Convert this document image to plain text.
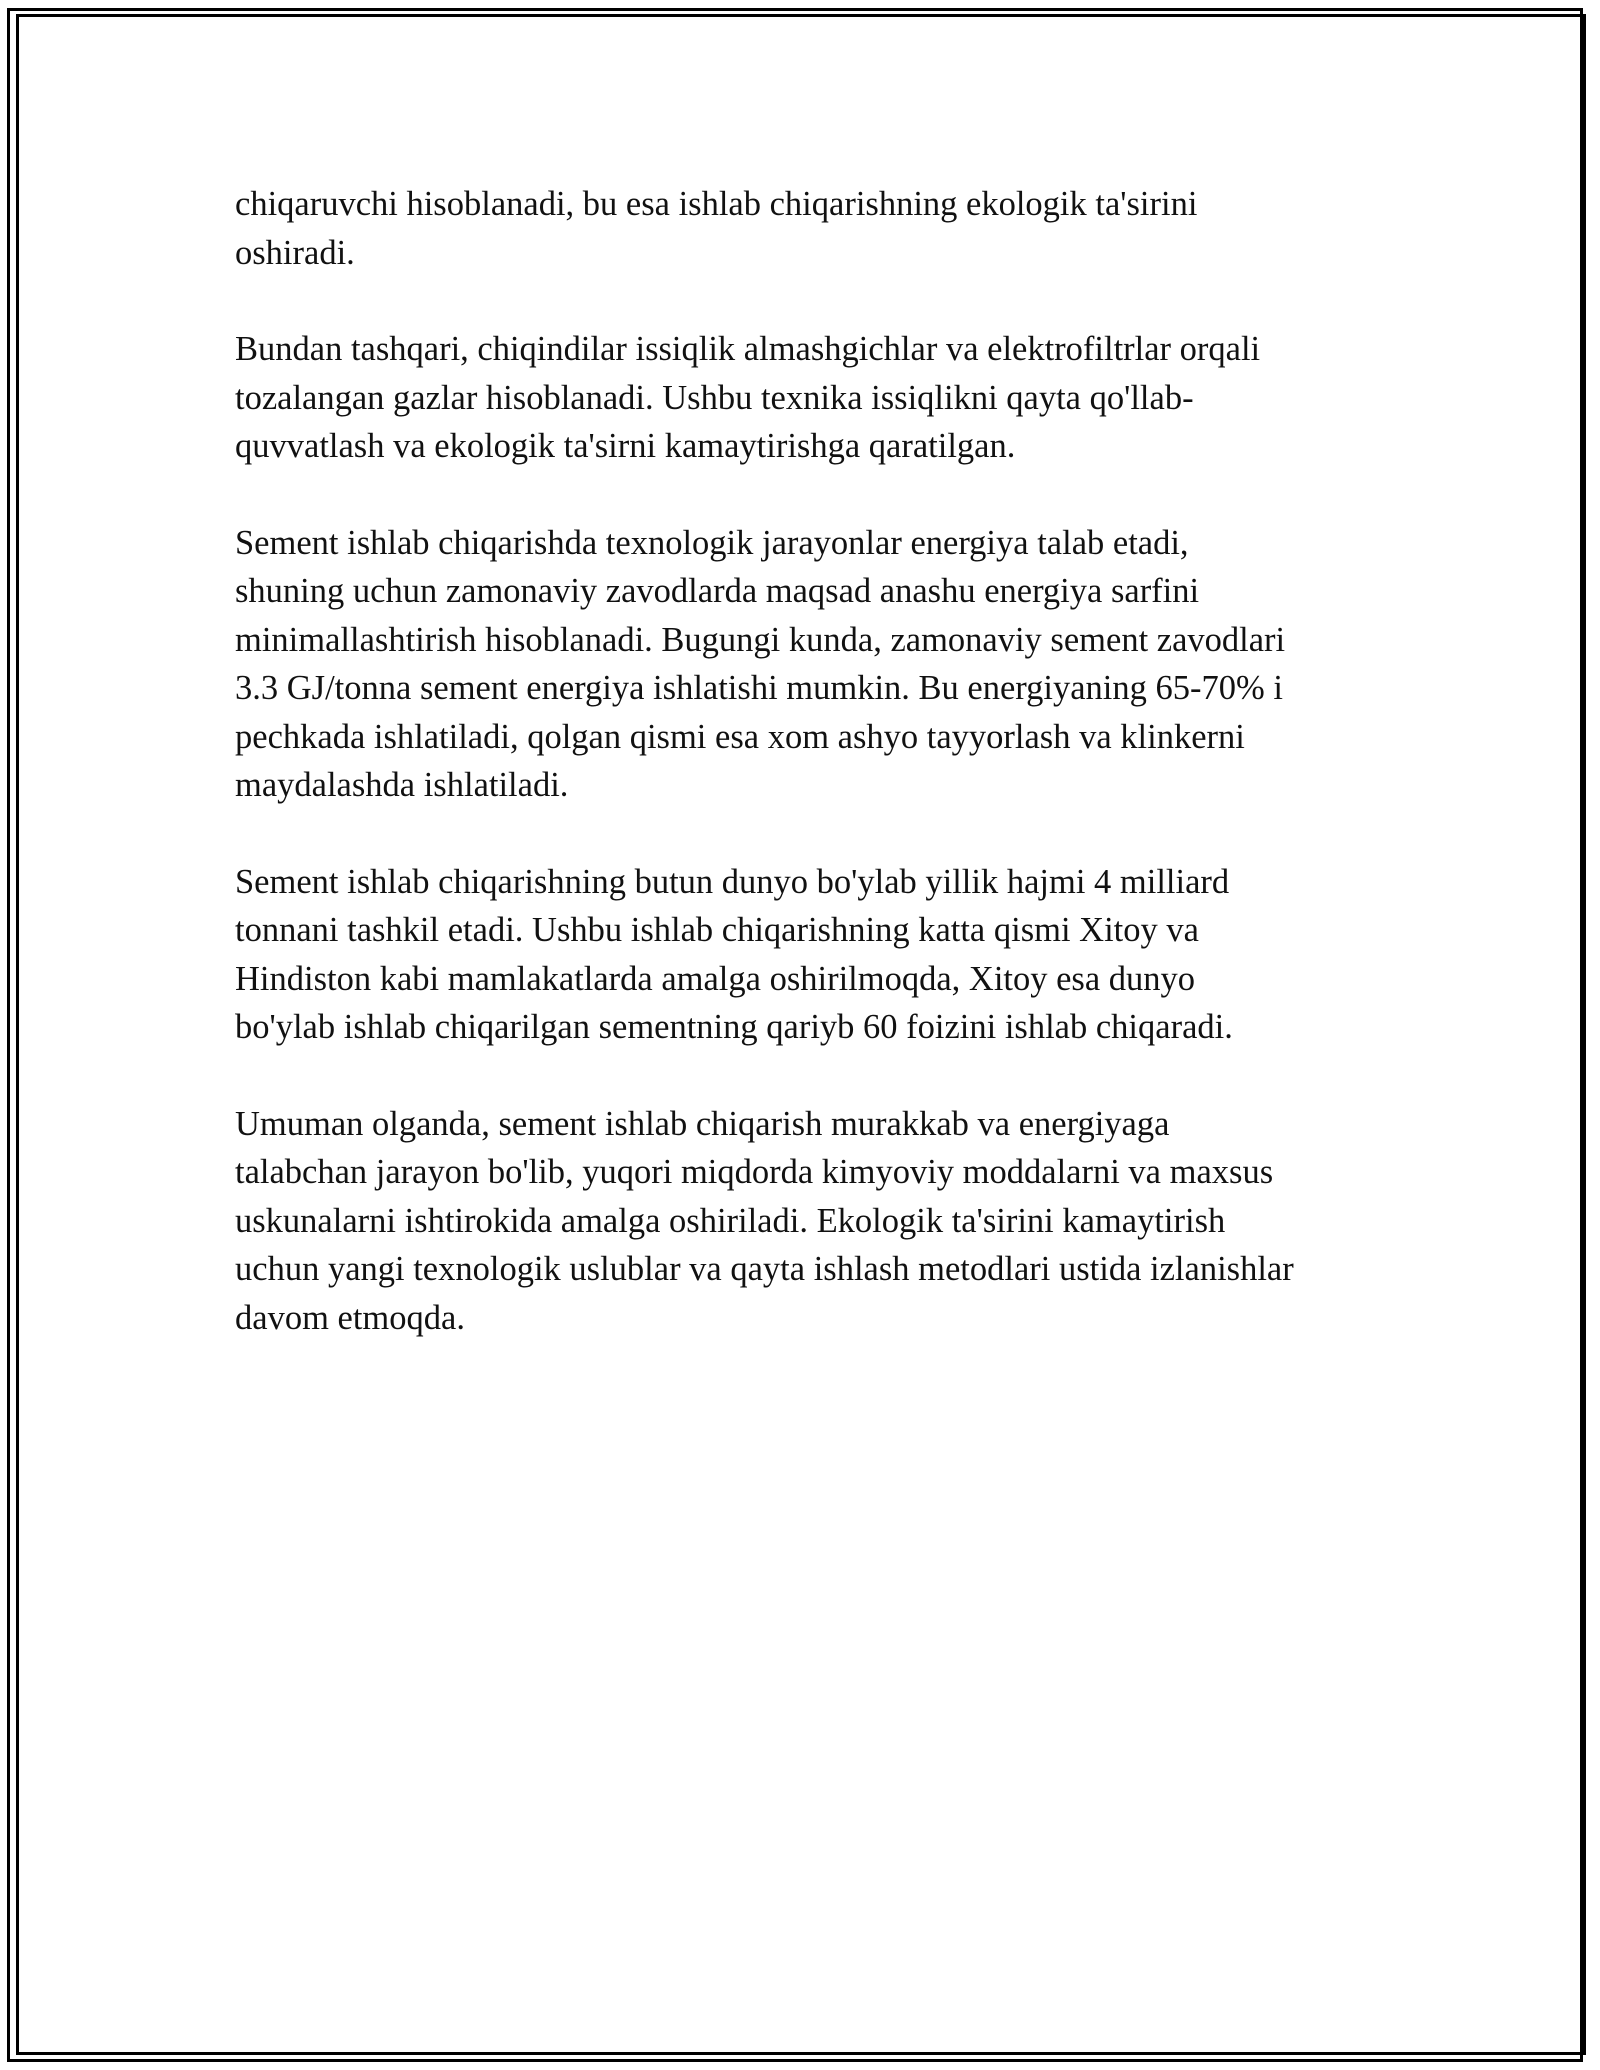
chiqaruvchi hisoblanadi, bu esa ishlab chiqarishning ekologik ta'sirini
oshiradi.

Bundan tashqari, chiqindilar issiqlik almashgichlar va elektrofiltrlar orqali
tozalangan gazlar hisoblanadi. Ushbu texnika issiqlikni qayta qo'llab-
quvvatlash va ekologik ta'sirni kamaytirishga qaratilgan.

Sement ishlab chiqarishda texnologik jarayonlar energiya talab etadi,
shuning uchun zamonaviy zavodlarda maqsad anashu energiya sarfini
minimallashtirish hisoblanadi. Bugungi kunda, zamonaviy sement zavodlari
3.3 GJ/tonna sement energiya ishlatishi mumkin. Bu energiyaning 65-70% i
pechkada ishlatiladi, qolgan qismi esa xom ashyo tayyorlash va klinkerni
maydalashda ishlatiladi.

Sement ishlab chiqarishning butun dunyo bo'ylab yillik hajmi 4 milliard
tonnani tashkil etadi. Ushbu ishlab chiqarishning katta qismi Xitoy va
Hindiston kabi mamlakatlarda amalga oshirilmoqda, Xitoy esa dunyo
bo'ylab ishlab chiqarilgan sementning qariyb 60 foizini ishlab chiqaradi.

Umuman olganda, sement ishlab chiqarish murakkab va energiyaga
talabchan jarayon bo'lib, yuqori miqdorda kimyoviy moddalarni va maxsus
uskunalarni ishtirokida amalga oshiriladi. Ekologik ta'sirini kamaytirish
uchun yangi texnologik uslublar va qayta ishlash metodlari ustida izlanishlar
davom etmoqda.
